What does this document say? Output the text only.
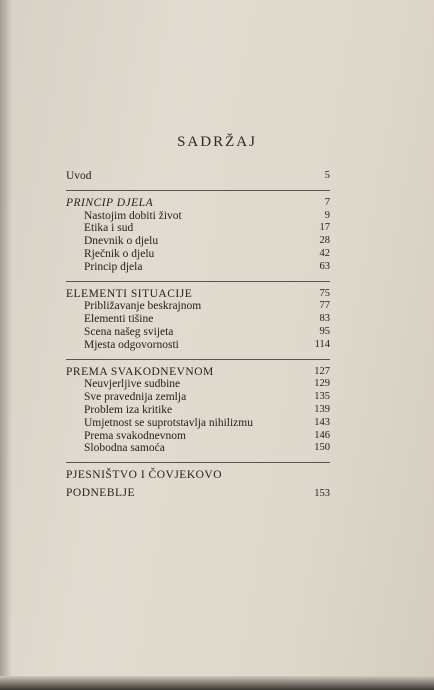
SADRŽAJ
Uvod	5
PRINCIP DJELA	7
Nastojim dobiti život	9
Etika i sud	17
Dnevnik o djelu	28
Rječnik o djelu	42
Princip djela	63
ELEMENTI SITUACIJE	75
Približavanje beskrajnom	77
Elementi tišine	83
Scena našeg svijeta	95
Mjesta odgovornosti	114
PREMA SVAKODNEVNOM	127
Neuvjerljive sudbine	129
Sve pravednija zemlja	135
Problem iza kritike	139
Umjetnost se suprotstavlja nihilizmu	143
Prema svakodnevnom	146
Slobodna samoća	150
PJESNIŠTVO I ČOVJEKOVO
PODNEBLJE	153
